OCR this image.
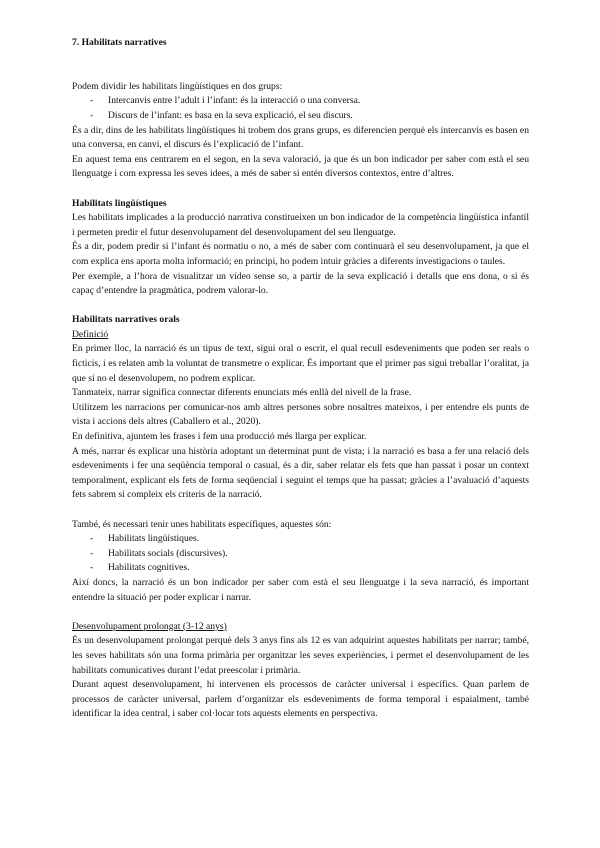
7. Habilitats narratives

Podem dividir les habilitats lingüístiques en dos grups:

- Intercanvis entre l’adult i l’infant: és la interacció o una conversa.
- Discurs de l’infant: es basa en la seva explicació, el seu discurs.

És a dir, dins de les habilitats lingüístiques hi trobem dos grans grups, es diferencien perquè els intercanvis es basen en una conversa, en canvi, el discurs és l’explicació de l’infant.

En aquest tema ens centrarem en el segon, en la seva valoració, ja que és un bon indicador per saber com està el seu llenguatge i com expressa les seves idees, a més de saber si entén diversos contextos, entre d’altres.

Habilitats lingüístiques

Les habilitats implicades a la producció narrativa constitueixen un bon indicador de la competència lingüística infantil i permeten predir el futur desenvolupament del desenvolupament del seu llenguatge.

És a dir, podem predir si l’infant és normatiu o no, a més de saber com continuarà el seu desenvolupament, ja que el com explica ens aporta molta informació; en principi, ho podem intuir gràcies a diferents investigacions o taules.

Per exemple, a l’hora de visualitzar un vídeo sense so, a partir de la seva explicació i detalls que ens dona, o si és capaç d’entendre la pragmàtica, podrem valorar-lo.

Habilitats narratives orals

Definició

En primer lloc, la narració és un tipus de text, sigui oral o escrit, el qual recull esdeveniments que poden ser reals o ficticis, i es relaten amb la voluntat de transmetre o explicar. És important que el primer pas sigui treballar l’oralitat, ja que si no el desenvolupem, no podrem explicar.

Tanmateix, narrar significa connectar diferents enunciats més enllà del nivell de la frase.

Utilitzem les narracions per comunicar-nos amb altres persones sobre nosaltres mateixos, i per entendre els punts de vista i accions dels altres (Caballero et al., 2020).

En definitiva, ajuntem les frases i fem una producció més llarga per explicar.

A més, narrar és explicar una història adoptant un determinat punt de vista; i la narració es basa a fer una relació dels esdeveniments i fer una seqüència temporal o casual, és a dir, saber relatar els fets que han passat i posar un context temporalment, explicant els fets de forma seqüencial i seguint el temps que ha passat; gràcies a l’avaluació d’aquests fets sabrem si compleix els criteris de la narració.

També, és necessari tenir unes habilitats específiques, aquestes són:

- Habilitats lingüístiques.
- Habilitats socials (discursives).
- Habilitats cognitives.

Així doncs, la narració és un bon indicador per saber com està el seu llenguatge i la seva narració, és important entendre la situació per poder explicar i narrar.

Desenvolupament prolongat (3-12 anys)

És un desenvolupament prolongat perquè dels 3 anys fins als 12 es van adquirint aquestes habilitats per narrar; també, les seves habilitats són una forma primària per organitzar les seves experiències, i permet el desenvolupament de les habilitats comunicatives durant l’edat preescolar i primària.

Durant aquest desenvolupament, hi intervenen els processos de caràcter universal i específics. Quan parlem de processos de caràcter universal, parlem d’organitzar els esdeveniments de forma temporal i espaialment, també identificar la idea central, i saber col·locar tots aquests elements en perspectiva.
